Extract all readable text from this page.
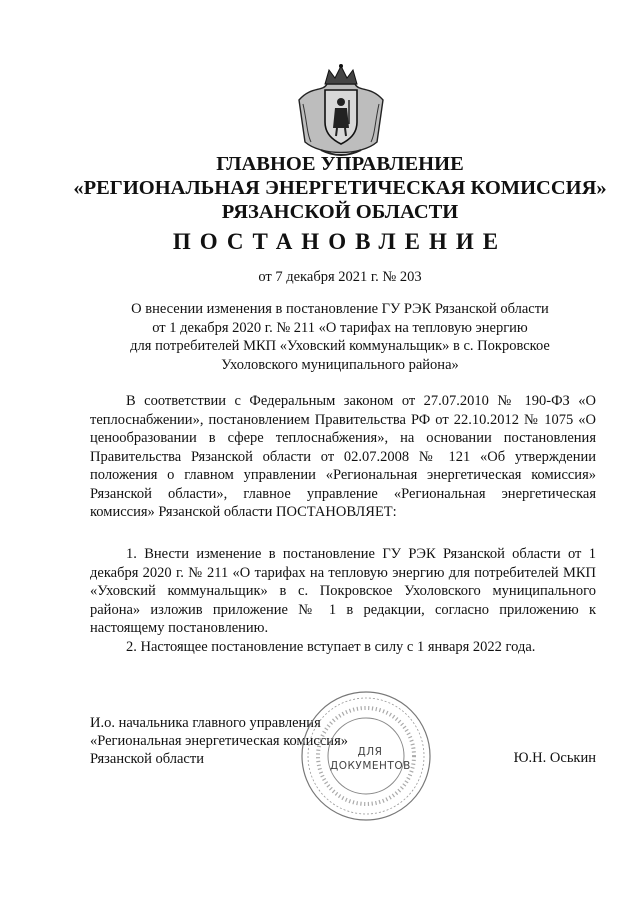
ГЛАВНОЕ УПРАВЛЕНИЕ
«РЕГИОНАЛЬНАЯ ЭНЕРГЕТИЧЕСКАЯ КОМИССИЯ»
РЯЗАНСКОЙ ОБЛАСТИ
ПОСТАНОВЛЕНИЕ
от 7 декабря 2021 г. № 203
О внесении изменения в постановление ГУ РЭК Рязанской области
от 1 декабря 2020 г. № 211 «О тарифах на тепловую энергию
для потребителей МКП «Уховский коммунальщик» в с. Покровское
Ухоловского муниципального района»
В соответствии с Федеральным законом от 27.07.2010 № 190-ФЗ «О теплоснабжении», постановлением Правительства РФ от 22.10.2012 № 1075 «О ценообразовании в сфере теплоснабжения», на основании постановления Правительства Рязанской области от 02.07.2008 № 121 «Об утверждении положения о главном управлении «Региональная энергетическая комиссия» Рязанской области», главное управление «Региональная энергетическая комиссия» Рязанской области ПОСТАНОВЛЯЕТ:
1. Внести изменение в постановление ГУ РЭК Рязанской области от 1 декабря 2020 г. № 211 «О тарифах на тепловую энергию для потребителей МКП «Уховский коммунальщик» в с. Покровское Ухоловского муниципального района» изложив приложение № 1 в редакции, согласно приложению к настоящему постановлению.
2. Настоящее постановление вступает в силу с 1 января 2022 года.
И.о. начальника главного управления
«Региональная энергетическая комиссия»
Рязанской области	ДЛЯ
ДОКУМЕНТОВ	Ю.Н. Оськин
